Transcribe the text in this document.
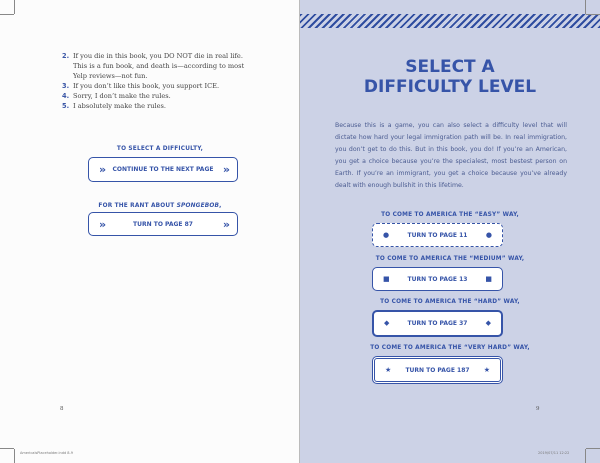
2. If you die in this book, you DO NOT die in real life. This is a fun book, and death is—according to most Yelp reviews—not fun.
3. If you don’t like this book, you support ICE.
4. Sorry, I don’t make the rules.
5. I absolutely make the rules.
TO SELECT A DIFFICULTY,
» CONTINUE TO THE NEXT PAGE »
FOR THE RANT ABOUT SPONGEBOB,
»	TURN TO PAGE 87	»
8
AmericaIsPlaceholder.indd 8-9
SELECT A
DIFFICULTY LEVEL
Because this is a game, you can also select a difficulty level that will dictate how hard your legal immigration path will be. In real immigration, you don’t get to do this. But in this book, you do! If you’re an American, you get a choice because you’re the specialest, most bestest person on Earth. If you’re an immigrant, you get a choice because you’ve already dealt with enough bullshit in this lifetime.
TO COME TO AMERICA THE “EASY” WAY,
●	TURN TO PAGE 11	●
TO COME TO AMERICA THE “MEDIUM” WAY,
■	TURN TO PAGE 13	■
TO COME TO AMERICA THE “HARD” WAY,
◆	TURN TO PAGE 37	◆
TO COME TO AMERICA THE “VERY HARD” WAY,
★ TURN TO PAGE 187 ★
9
2019/07/11 12:22
